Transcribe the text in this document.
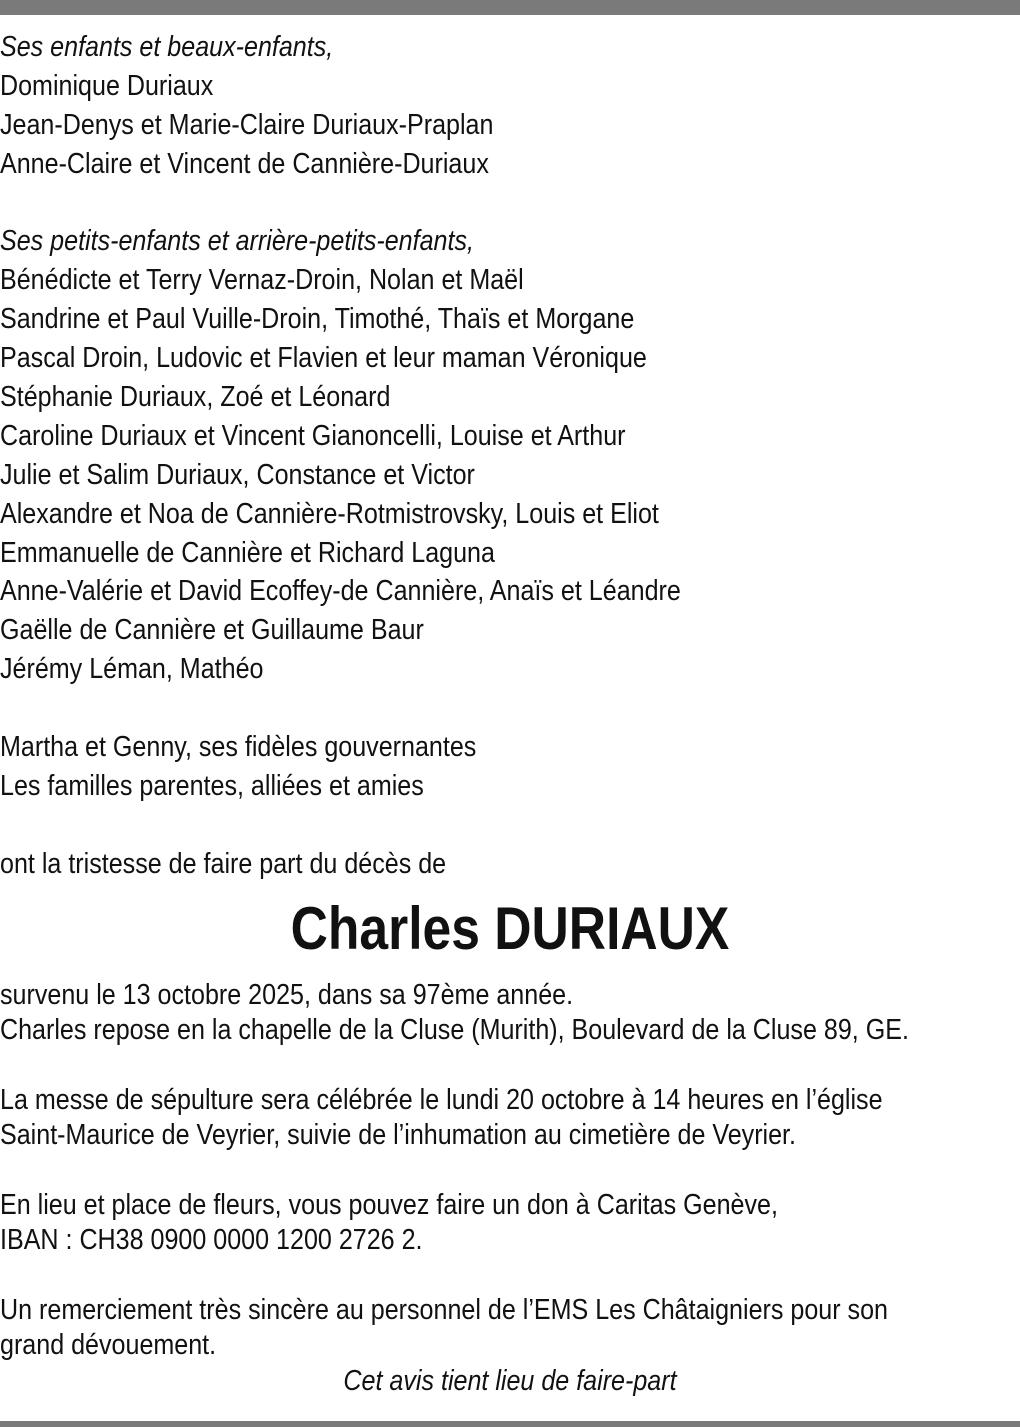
Ses enfants et beaux-enfants,
Dominique Duriaux
Jean-Denys et Marie-Claire Duriaux-Praplan
Anne-Claire et Vincent de Cannière-Duriaux
Ses petits-enfants et arrière-petits-enfants,
Bénédicte et Terry Vernaz-Droin, Nolan et Maël
Sandrine et Paul Vuille-Droin, Timothé, Thaïs et Morgane
Pascal Droin, Ludovic et Flavien et leur maman Véronique
Stéphanie Duriaux, Zoé et Léonard
Caroline Duriaux et Vincent Gianoncelli, Louise et Arthur
Julie et Salim Duriaux, Constance et Victor
Alexandre et Noa de Cannière-Rotmistrovsky, Louis et Eliot
Emmanuelle de Cannière et Richard Laguna
Anne-Valérie et David Ecoffey-de Cannière, Anaïs et Léandre
Gaëlle de Cannière et Guillaume Baur
Jérémy Léman, Mathéo
Martha et Genny, ses fidèles gouvernantes
Les familles parentes, alliées et amies
ont la tristesse de faire part du décès de
Charles DURIAUX
survenu le 13 octobre 2025, dans sa 97ème année.
Charles repose en la chapelle de la Cluse (Murith), Boulevard de la Cluse 89, GE.
La messe de sépulture sera célébrée le lundi 20 octobre à 14 heures en l’église
Saint-Maurice de Veyrier, suivie de l’inhumation au cimetière de Veyrier.
En lieu et place de fleurs, vous pouvez faire un don à Caritas Genève,
IBAN : CH38 0900 0000 1200 2726 2.
Un remerciement très sincère au personnel de l’EMS Les Châtaigniers pour son
grand dévouement.
Cet avis tient lieu de faire-part
